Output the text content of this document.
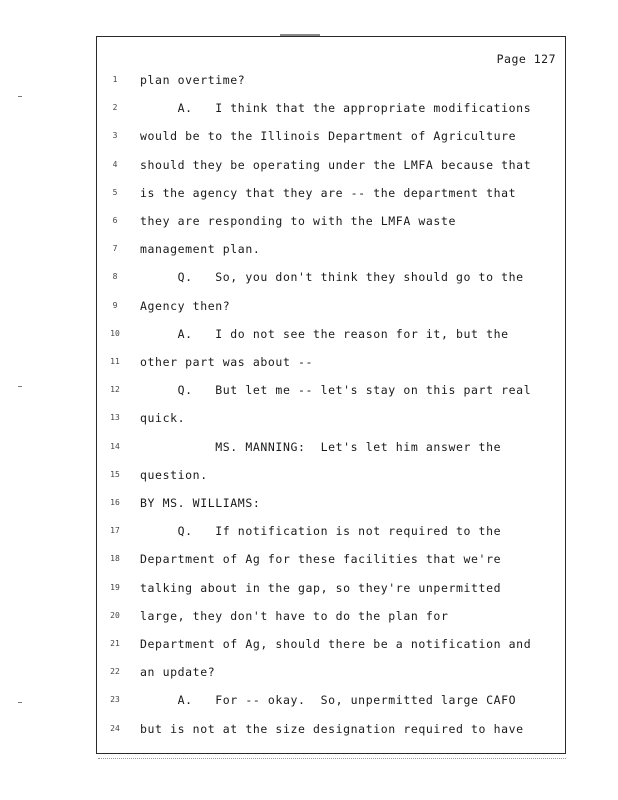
Page 127
1	plan overtime?
2	A.   I think that the appropriate modifications
3	would be to the Illinois Department of Agriculture
4	should they be operating under the LMFA because that
5	is the agency that they are -- the department that
6	they are responding to with the LMFA waste
7	management plan.
8	Q.   So, you don't think they should go to the
9	Agency then?
10	A.   I do not see the reason for it, but the
11	other part was about --
12	Q.   But let me -- let's stay on this part real
13	quick.
14	MS. MANNING:  Let's let him answer the
15	question.
16	BY MS. WILLIAMS:
17	Q.   If notification is not required to the
18	Department of Ag for these facilities that we're
19	talking about in the gap, so they're unpermitted
20	large, they don't have to do the plan for
21	Department of Ag, should there be a notification and
22	an update?
23	A.   For -- okay.  So, unpermitted large CAFO
24	but is not at the size designation required to have
